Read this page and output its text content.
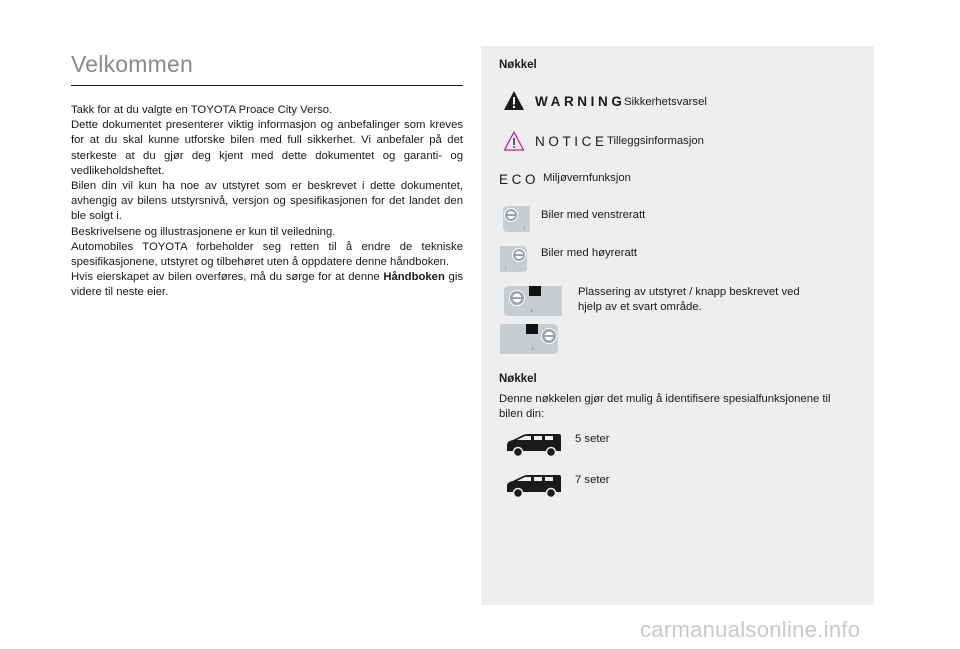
Velkommen

Takk for at du valgte en TOYOTA Proace City Verso.

Dette dokumentet presenterer viktig informasjon og anbefalinger som kreves for at du skal kunne utforske bilen med full sikkerhet. Vi anbefaler på det sterkeste at du gjør deg kjent med dette dokumentet og garanti- og vedlikeholdsheftet.

Bilen din vil kun ha noe av utstyret som er beskrevet i dette dokumentet, avhengig av bilens utstyrsnivå, versjon og spesifikasjonen for det landet den ble solgt i.

Beskrivelsene og illustrasjonene er kun til veiledning.

Automobiles TOYOTA forbeholder seg retten til å endre de tekniske spesifikasjonene, utstyret og tilbehøret uten å oppdatere denne håndboken.

Hvis eierskapet av bilen overføres, må du sørge for at denne Håndboken gis videre til neste eier.

Nøkkel
WARNING
Sikkerhetsvarsel
NOTICE Tilleggsinformasjon
ECO Miljøvernfunksjon
↓
Biler med venstreratt
↓
Biler med høyreratt
↓
Plassering av utstyret / knapp beskrevet ved
hjelp av et svart område.
↓
Nøkkel
Denne nøkkelen gjør det mulig å identifisere spesialfunksjonene til
bilen din:
5 seter
7 seter
carmanualsonline.info
